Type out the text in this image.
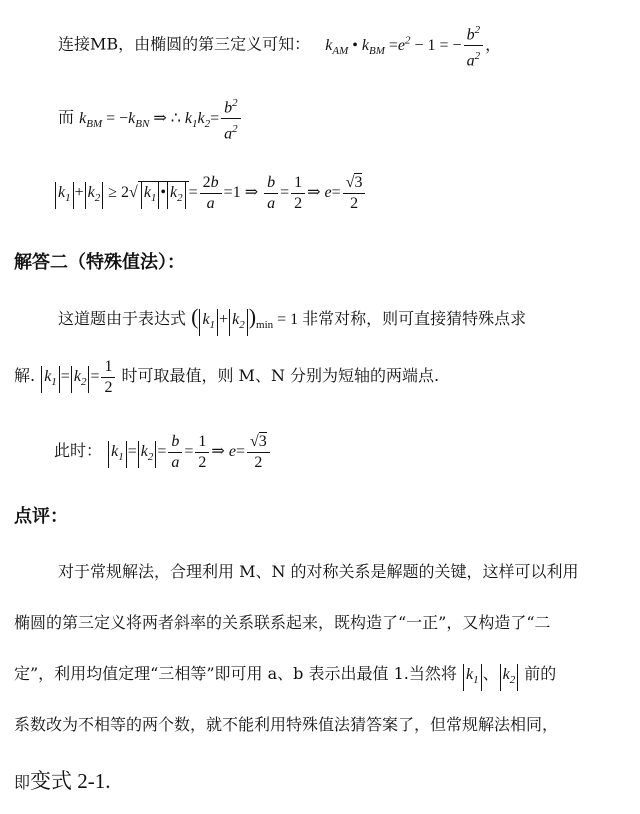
连接MB，由椭圆的第三定义可知： $k_{AM}$ • $k_{BM} =e^2 - 1$ = − $\frac{b^2}{a^2}$ ，
而 $k_{BM} = -k_{BN}$ ⇒ ∴ $k_1k_2= \frac{b^2}{a^2}$
$k_1 + k_2 \ge 2√$ $k_1$ • $k_2 = \frac{2b}{a} =1$ ⇒ $\frac{b}{a} = \frac{1}{2}$ ⇒ $e= \frac{√3}{2}$
解答二（特殊值法）：
这道题由于表达式 ( $k_1 + k_2$ )$_{min} = 1$ 非常对称，则可直接猜特殊点求
解. $k_1 = k_2 = \frac{1}{2}$ 时可取最值，则 M、N 分别为短轴的两端点.
此时： $k_1 = k_2 = \frac{b}{a} = \frac{1}{2}$ ⇒ $e= \frac{√3}{2}$
点评：
对于常规解法，合理利用 M、N 的对称关系是解题的关键，这样可以利用
椭圆的第三定义将两者斜率的关系联系起来，既构造了“一正”，又构造了“二
定”，利用均值定理“三相等”即可用 a、b 表示出最值 1.当然将 $k_1$ 、 $k_2$ 前的
系数改为不相等的两个数，就不能利用特殊值法猜答案了，但常规解法相同，
即变式 2-1.
